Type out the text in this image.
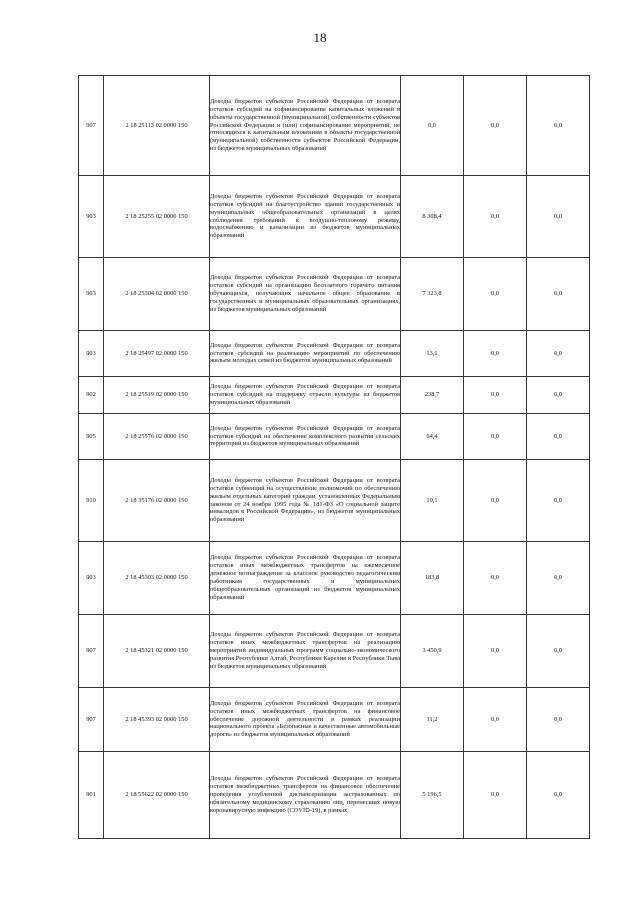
18
907	2 18 25113 02 0000 150	Доходы бюджетов субъектов Российской Федерации от возврата остатков субсидий на софинансирование капитальных вложений в объекты государственной (муниципальной) собственности субъектов Российской Федерации и (или) софинансирование мероприятий, не относящихся к капитальным вложениям в объекты государственной (муниципальной) собственности субъектов Российской Федерации, из бюджетов муниципальных образований	0,0	0,0	0,0
903	2 18 25255 02 0000 150	Доходы бюджетов субъектов Российской Федерации от возврата остатков субсидий на благоустройство зданий государственных и муниципальных общеобразовательных организаций в целях соблюдения требований к воздушно-тепловому режиму, водоснабжению и канализации из бюджетов муниципальных образований	8 308,4	0,0	0,0
903	2 18 25304 02 0000 150	Доходы бюджетов субъектов Российской Федерации от возврата остатков субсидий на организацию бесплатного горячего питания обучающихся, получающих начальное общее образование в государственных и муниципальных образовательных организациях, из бюджетов муниципальных образований	7 323,8	0,0	0,0
903	2 18 25497 02 0000 150	Доходы бюджетов субъектов Российской Федерации от возврата остатков субсидий на реализацию мероприятий по обеспечению жильем молодых семей из бюджетов муниципальных образований	13,1	0,0	0,0
902	2 18 25519 02 0000 150	Доходы бюджетов субъектов Российской Федерации от возврата остатков субсидий на поддержку отрасли культуры из бюджетов муниципальных образований	238,7	0,0	0,0
905	2 18 25576 02 0000 150	Доходы бюджетов субъектов Российской Федерации от возврата остатков субсидий на обеспечение комплексного развития сельских территорий из бюджетов муниципальных образований	64,4	0,0	0,0
910	2 18 35176 02 0000 150	Доходы бюджетов субъектов Российской Федерации от возврата остатков субвенций на осуществление полномочий по обеспечению жильем отдельных категорий граждан, установленных Федеральным законом от 24 ноября 1995 года № 181-ФЗ «О социальной защите инвалидов в Российской Федерации», из бюджетов муниципальных образований	19,1	0,0	0,0
903	2 18 45303 02 0000 150	Доходы бюджетов субъектов Российской Федерации от возврата остатков иных межбюджетных трансфертов на ежемесячное денежное вознаграждение за классное руководство педагогическим работникам государственных и муниципальных общеобразовательных организаций из бюджетов муниципальных образований	183,8	0,0	0,0
907	2 18 45321 02 0000 150	Доходы бюджетов субъектов Российской Федерации от возврата остатков иных межбюджетных трансфертов на реализацию мероприятий индивидуальных программ социально-экономического развития Республики Алтай, Республики Карелия и Республики Тыва из бюджетов муниципальных образований	3 450,9	0,0	0,0
907	2 18 45393 02 0000 150	Доходы бюджетов субъектов Российской Федерации от возврата остатков иных межбюджетных трансфертов на финансовое обеспечение дорожной деятельности в рамках реализации национального проекта «Безопасные и качественные автомобильные дороги» из бюджетов муниципальных образований	11,2	0,0	0,0
901	2 18 55622 02 0000 150	Доходы бюджетов субъектов Российской Федерации от возврата остатков межбюджетных трансфертов на финансовое обеспечение проведения углубленной диспансеризации застрахованных по обязательному медицинскому страхованию лиц, перенесших новую коронавирусную инфекцию (COVID-19), в рамках	5 196,5	0,0	0,0
